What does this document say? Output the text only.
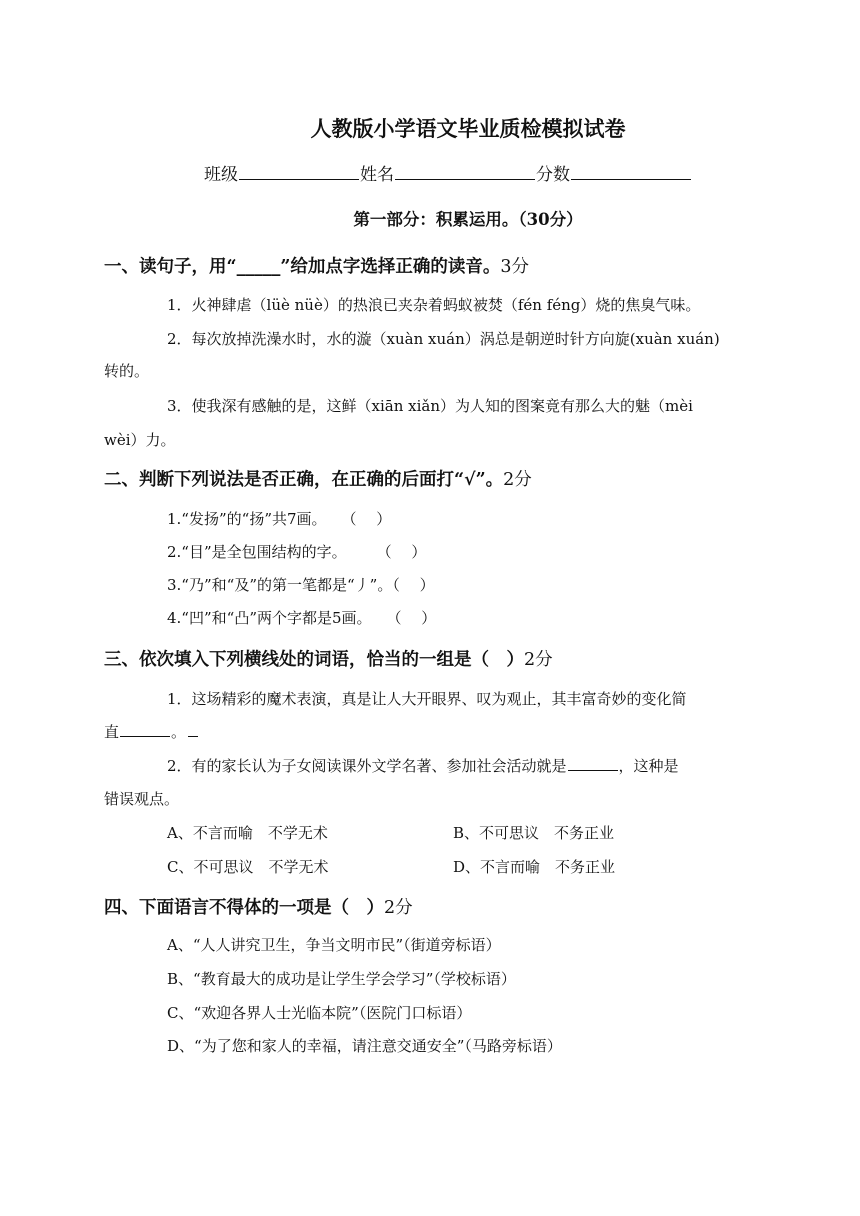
人教版小学语文毕业质检模拟试卷
班级	姓名	分数
第一部分：积累运用。（30分）
一、读句子，用“_____”给加点字选择正确的读音。3分
1．火神肆虐（lüè nüè）的热浪已夹杂着蚂蚁被焚（fén féng）烧的焦臭气味。
2．每次放掉洗澡水时，水的漩（xuàn xuán）涡总是朝逆时针方向旋(xuàn xuán)
转的。
3．使我深有感触的是，这鲜（xiān xiǎn）为人知的图案竟有那么大的魅（mèi
wèi）力。
二、判断下列说法是否正确，在正确的后面打“√”。2分
1.“发扬”的“扬”共7画。　　（　 ）
2.“目”是全包围结构的字。　　　（　 ）
3.“乃”和“及”的第一笔都是“丿”。（　 ）
4.“凹”和“凸”两个字都是5画。　　（　 ）
三、依次填入下列横线处的词语，恰当的一组是（　）2分
1．这场精彩的魔术表演，真是让人大开眼界、叹为观止，其丰富奇妙的变化简
直	。
2．有的家长认为子女阅读课外文学名著、参加社会活动就是	，这种是
错误观点。
A、不言而喻　不学无术	B、不可思议　不务正业
C、不可思议　不学无术	D、不言而喻　不务正业
四、下面语言不得体的一项是（　）2分
A、“人人讲究卫生，争当文明市民”（街道旁标语）
B、“教育最大的成功是让学生学会学习”（学校标语）
C、“欢迎各界人士光临本院”（医院门口标语）
D、“为了您和家人的幸福，请注意交通安全”（马路旁标语）
